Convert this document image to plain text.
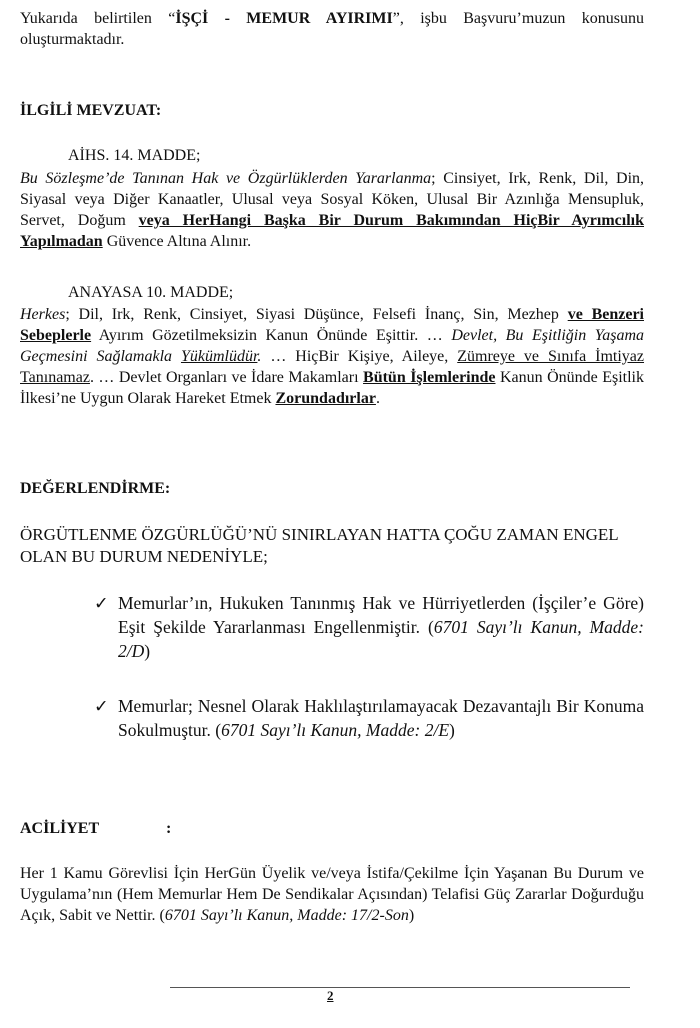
Yukarıda belirtilen “İŞÇİ - MEMUR AYIRIMI”, işbu Başvuru’muzun konusunu oluşturmaktadır.

İLGİLİ MEVZUAT:
AİHS. 14. MADDE;

Bu Sözleşme’de Tanınan Hak ve Özgürlüklerden Yararlanma; Cinsiyet, Irk, Renk, Dil, Din, Siyasal veya Diğer Kanaatler, Ulusal veya Sosyal Köken, Ulusal Bir Azınlığa Mensupluk, Servet, Doğum veya HerHangi Başka Bir Durum Bakımından HiçBir Ayrımcılık Yapılmadan Güvence Altına Alınır.

ANAYASA 10. MADDE;

Herkes; Dil, Irk, Renk, Cinsiyet, Siyasi Düşünce, Felsefi İnanç, Sin, Mezhep ve Benzeri Sebeplerle Ayırım Gözetilmeksizin Kanun Önünde Eşittir. … Devlet, Bu Eşitliğin Yaşama Geçmesini Sağlamakla Yükümlüdür. … HiçBir Kişiye, Aileye, Zümreye ve Sınıfa İmtiyaz Tanınamaz. … Devlet Organları ve İdare Makamları Bütün İşlemlerinde Kanun Önünde Eşitlik İlkesi’ne Uygun Olarak Hareket Etmek Zorundadırlar.

DEĞERLENDİRME:

ÖRGÜTLENME ÖZGÜRLÜĞÜ’NÜ SINIRLAYAN HATTA ÇOĞU ZAMAN ENGEL OLAN BU DURUM NEDENİYLE;

✓ Memurlar’ın, Hukuken Tanınmış Hak ve Hürriyetlerden (İşçiler’e Göre) Eşit Şekilde Yararlanması Engellenmiştir. (6701 Sayı’lı Kanun, Madde: 2/D)
✓ Memurlar; Nesnel Olarak Haklılaştırılamayacak Dezavantajlı Bir Konuma Sokulmuştur. (6701 Sayı’lı Kanun, Madde: 2/E)
ACİLİYET	:

Her 1 Kamu Görevlisi İçin HerGün Üyelik ve/veya İstifa/Çekilme İçin Yaşanan Bu Durum ve Uygulama’nın (Hem Memurlar Hem De Sendikalar Açısından) Telafisi Güç Zararlar Doğurduğu Açık, Sabit ve Nettir. (6701 Sayı’lı Kanun, Madde: 17/2-Son)

2
